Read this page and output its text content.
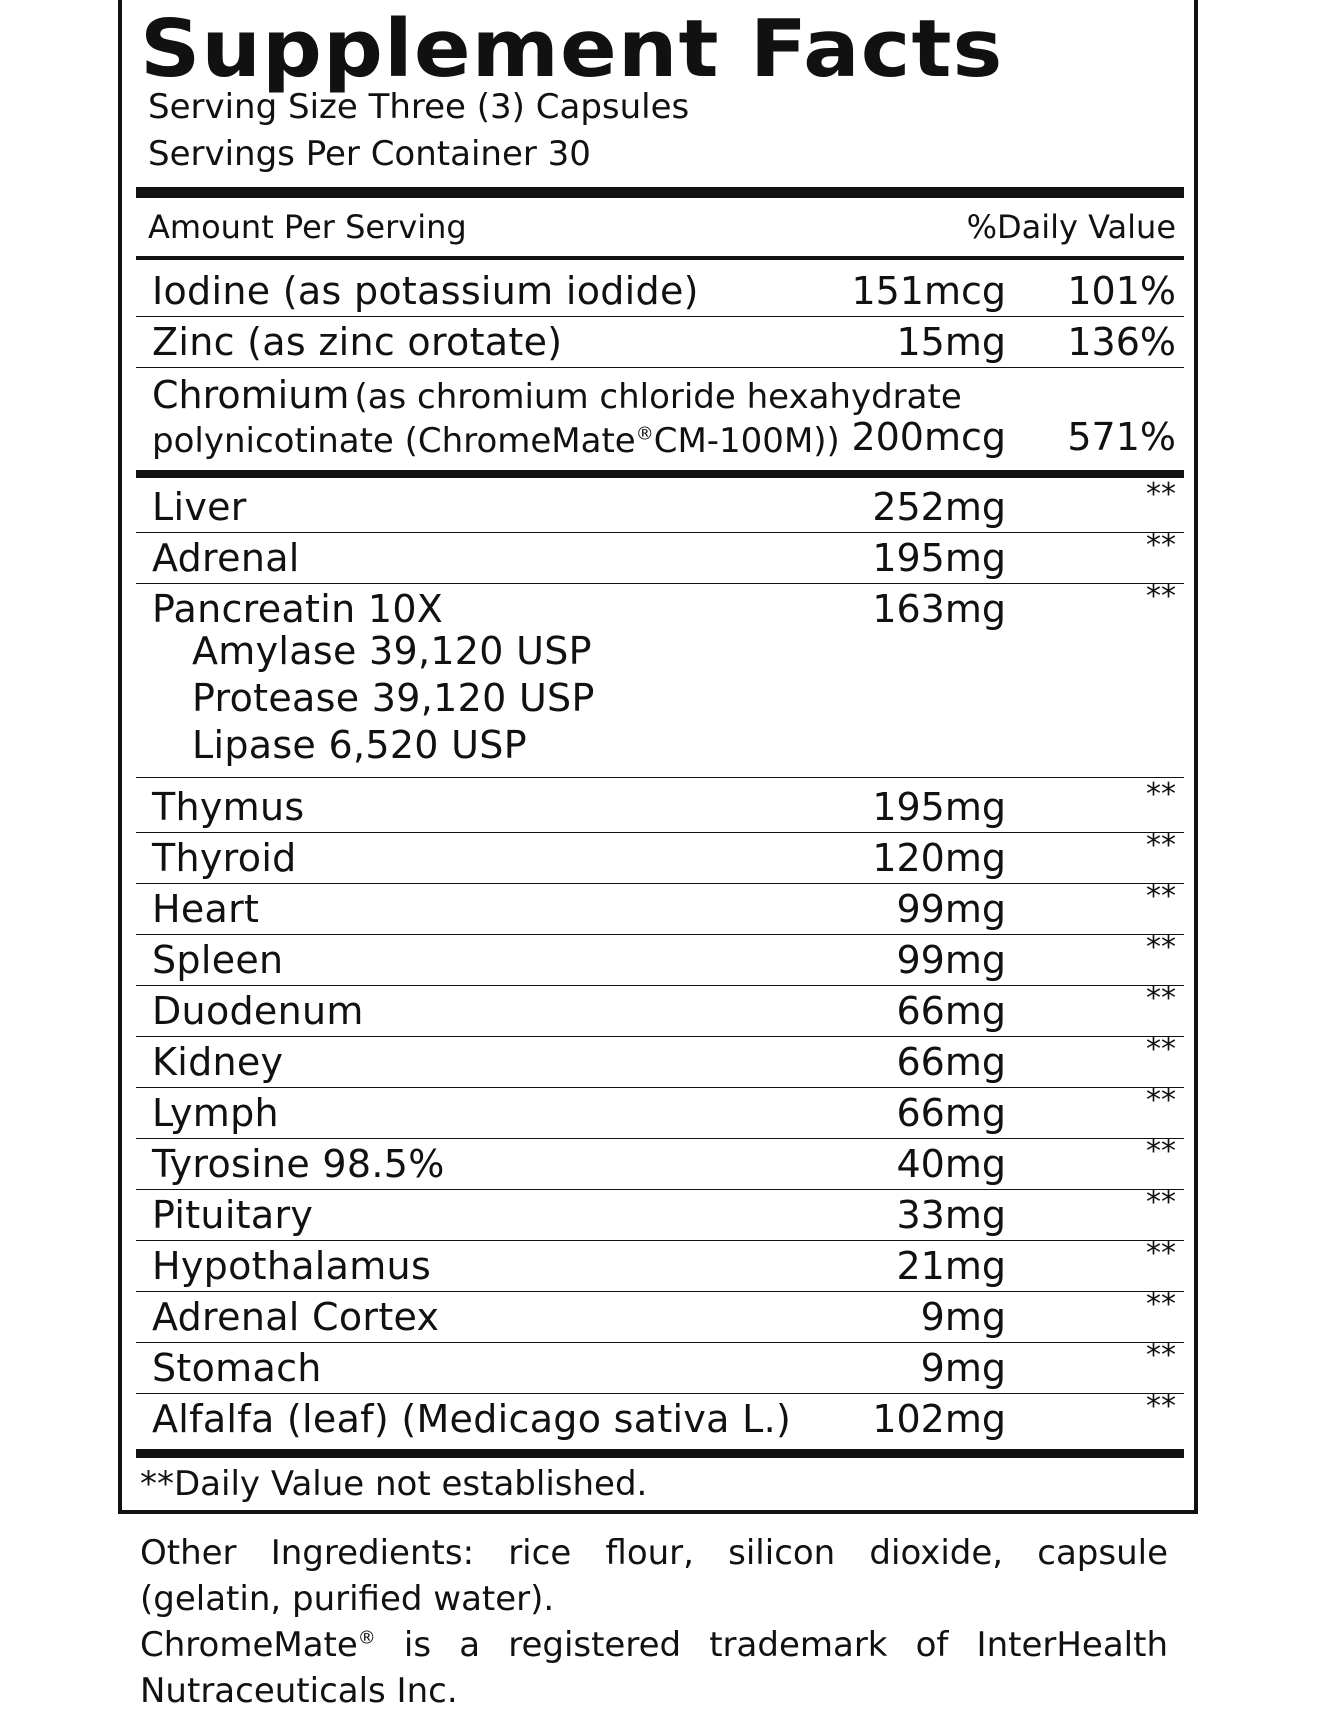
Supplement Facts
Serving Size Three (3) Capsules
Servings Per Container 30
Amount Per Serving	%Daily Value
Iodine (as potassium iodide)	151mcg 101%
Zinc (as zinc orotate)	15mg 136%
Chromium (as chromium chloride hexahydrate
polynicotinate (ChromeMate®CM-100M)) 200mcg 571%
Liver	252mg	**
Adrenal	195mg	**
Pancreatin 10X	163mg	**
Amylase 39,120 USP
Protease 39,120 USP
Lipase 6,520 USP
Thymus	195mg	**
Thyroid	120mg	**
Heart	99mg	**
Spleen	99mg	**
Duodenum	66mg	**
Kidney	66mg	**
Lymph	66mg	**
Tyrosine 98.5%	40mg	**
Pituitary	33mg	**
Hypothalamus	21mg	**
Adrenal Cortex	9mg	**
Stomach	9mg	**
Alfalfa (leaf) (Medicago sativa L.) 102mg	**
**Daily Value not established.
Other Ingredients: rice flour, silicon dioxide, capsule
(gelatin, purified water).
ChromeMate® is a registered trademark of InterHealth
Nutraceuticals Inc.
